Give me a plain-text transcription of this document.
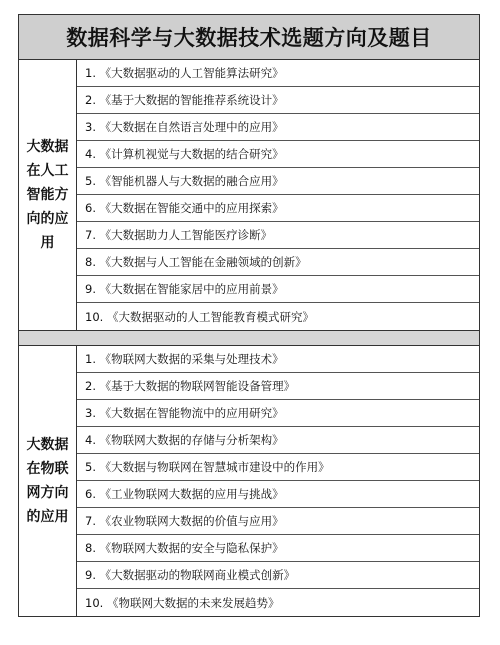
数据科学与大数据技术选题方向及题目
大数据在人工智能方向的应用
1. 《大数据驱动的人工智能算法研究》
2. 《基于大数据的智能推荐系统设计》
3. 《大数据在自然语言处理中的应用》
4. 《计算机视觉与大数据的结合研究》
5. 《智能机器人与大数据的融合应用》
6. 《大数据在智能交通中的应用探索》
7. 《大数据助力人工智能医疗诊断》
8. 《大数据与人工智能在金融领域的创新》
9. 《大数据在智能家居中的应用前景》
10. 《大数据驱动的人工智能教育模式研究》
大数据在物联网方向的应用
1. 《物联网大数据的采集与处理技术》
2. 《基于大数据的物联网智能设备管理》
3. 《大数据在智能物流中的应用研究》
4. 《物联网大数据的存储与分析架构》
5. 《大数据与物联网在智慧城市建设中的作用》
6. 《工业物联网大数据的应用与挑战》
7. 《农业物联网大数据的价值与应用》
8. 《物联网大数据的安全与隐私保护》
9. 《大数据驱动的物联网商业模式创新》
10. 《物联网大数据的未来发展趋势》
